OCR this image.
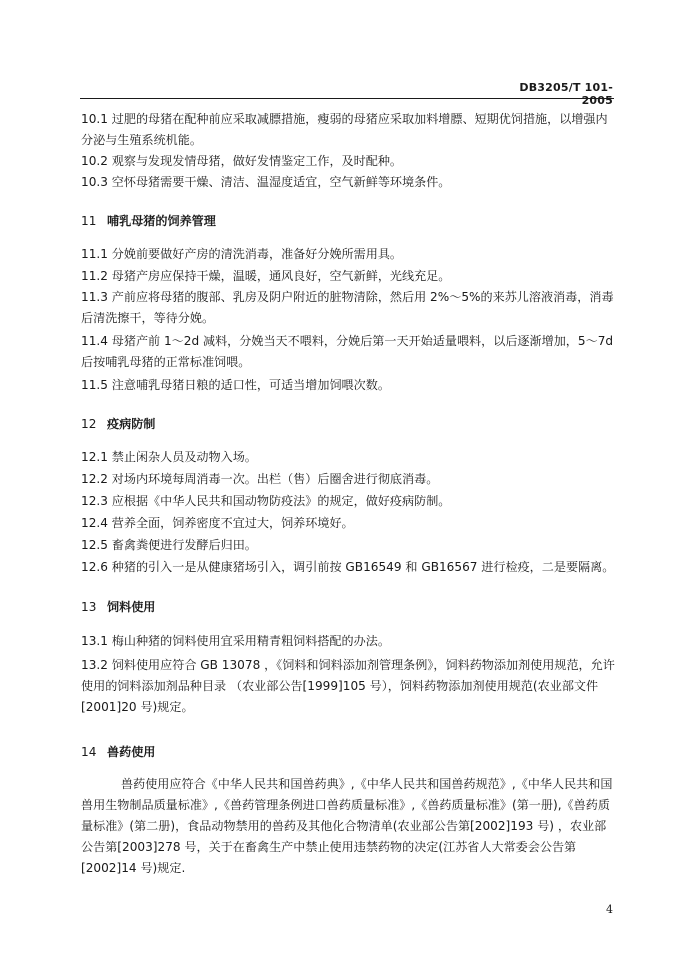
DB3205/T 101-2005
10.1 过肥的母猪在配种前应采取减膘措施，瘦弱的母猪应采取加料增膘、短期优饲措施，以增强内分泌与生殖系统机能。
10.2 观察与发现发情母猪，做好发情鉴定工作，及时配种。
10.3 空怀母猪需要干燥、清洁、温湿度适宜，空气新鲜等环境条件。
11 哺乳母猪的饲养管理
11.1 分娩前要做好产房的清洗消毒，准备好分娩所需用具。
11.2 母猪产房应保持干燥，温暖，通风良好，空气新鲜，光线充足。
11.3 产前应将母猪的腹部、乳房及阴户附近的脏物清除，然后用 2%～5%的来苏儿溶液消毒，消毒后清洗擦干，等待分娩。
11.4 母猪产前 1～2d 减料，分娩当天不喂料，分娩后第一天开始适量喂料，以后逐渐增加，5～7d 后按哺乳母猪的正常标准饲喂。
11.5 注意哺乳母猪日粮的适口性，可适当增加饲喂次数。
12 疫病防制
12.1 禁止闲杂人员及动物入场。
12.2 对场内环境每周消毒一次。出栏（售）后圈舍进行彻底消毒。
12.3 应根据《中华人民共和国动物防疫法》的规定，做好疫病防制。
12.4 营养全面，饲养密度不宜过大，饲养环境好。
12.5 畜禽粪便进行发酵后归田。
12.6 种猪的引入一是从健康猪场引入，调引前按 GB16549 和 GB16567 进行检疫，二是要隔离。
13 饲料使用
13.1 梅山种猪的饲料使用宜采用精青粗饲料搭配的办法。
13.2 饲料使用应符合 GB 13078 ，《饲料和饲料添加剂管理条例》，饲料药物添加剂使用规范，允许使用的饲料添加剂品种目录 （农业部公告[1999]105 号），饲料药物添加剂使用规范(农业部文件[2001]20 号)规定。
14 兽药使用
兽药使用应符合《中华人民共和国兽药典》,《中华人民共和国兽药规范》,《中华人民共和国兽用生物制品质量标准》,《兽药管理条例进口兽药质量标准》,《兽药质量标准》(第一册),《兽药质量标准》(第二册)，食品动物禁用的兽药及其他化合物清单(农业部公告第[2002]193 号) ，农业部公告第[2003]278 号，关于在畜禽生产中禁止使用违禁药物的决定(江苏省人大常委会公告第[2002]14 号)规定.
4
